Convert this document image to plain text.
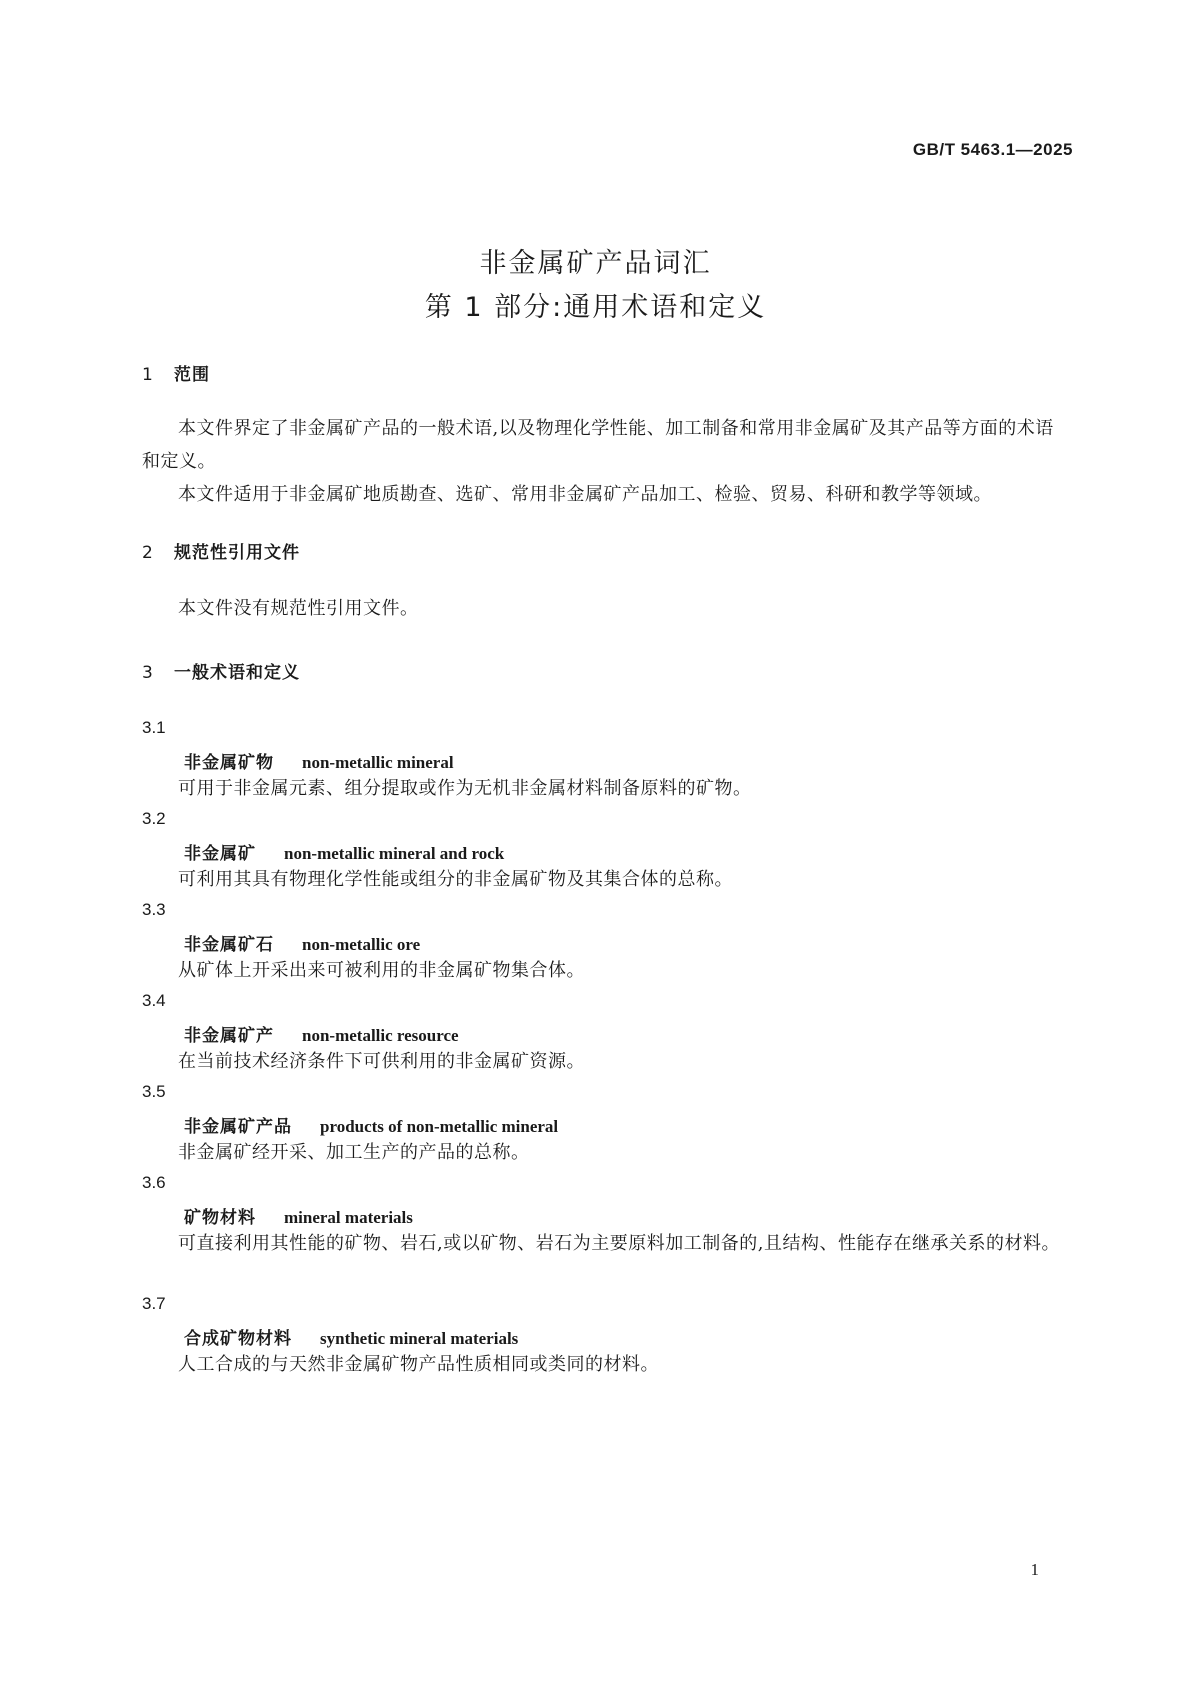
GB/T 5463.1—2025
非金属矿产品词汇
第 1 部分:通用术语和定义
1 范围
本文件界定了非金属矿产品的一般术语,以及物理化学性能、加工制备和常用非金属矿及其产品等方面的术语和定义。
本文件适用于非金属矿地质勘查、选矿、常用非金属矿产品加工、检验、贸易、科研和教学等领域。
2 规范性引用文件
本文件没有规范性引用文件。
3 一般术语和定义
3.1
非金属矿物 non-metallic mineral
可用于非金属元素、组分提取或作为无机非金属材料制备原料的矿物。
3.2
非金属矿 non-metallic mineral and rock
可利用其具有物理化学性能或组分的非金属矿物及其集合体的总称。
3.3
非金属矿石 non-metallic ore
从矿体上开采出来可被利用的非金属矿物集合体。
3.4
非金属矿产 non-metallic resource
在当前技术经济条件下可供利用的非金属矿资源。
3.5
非金属矿产品 products of non-metallic mineral
非金属矿经开采、加工生产的产品的总称。
3.6
矿物材料 mineral materials
可直接利用其性能的矿物、岩石,或以矿物、岩石为主要原料加工制备的,且结构、性能存在继承关系的材料。
3.7
合成矿物材料 synthetic mineral materials
人工合成的与天然非金属矿物产品性质相同或类同的材料。
1
